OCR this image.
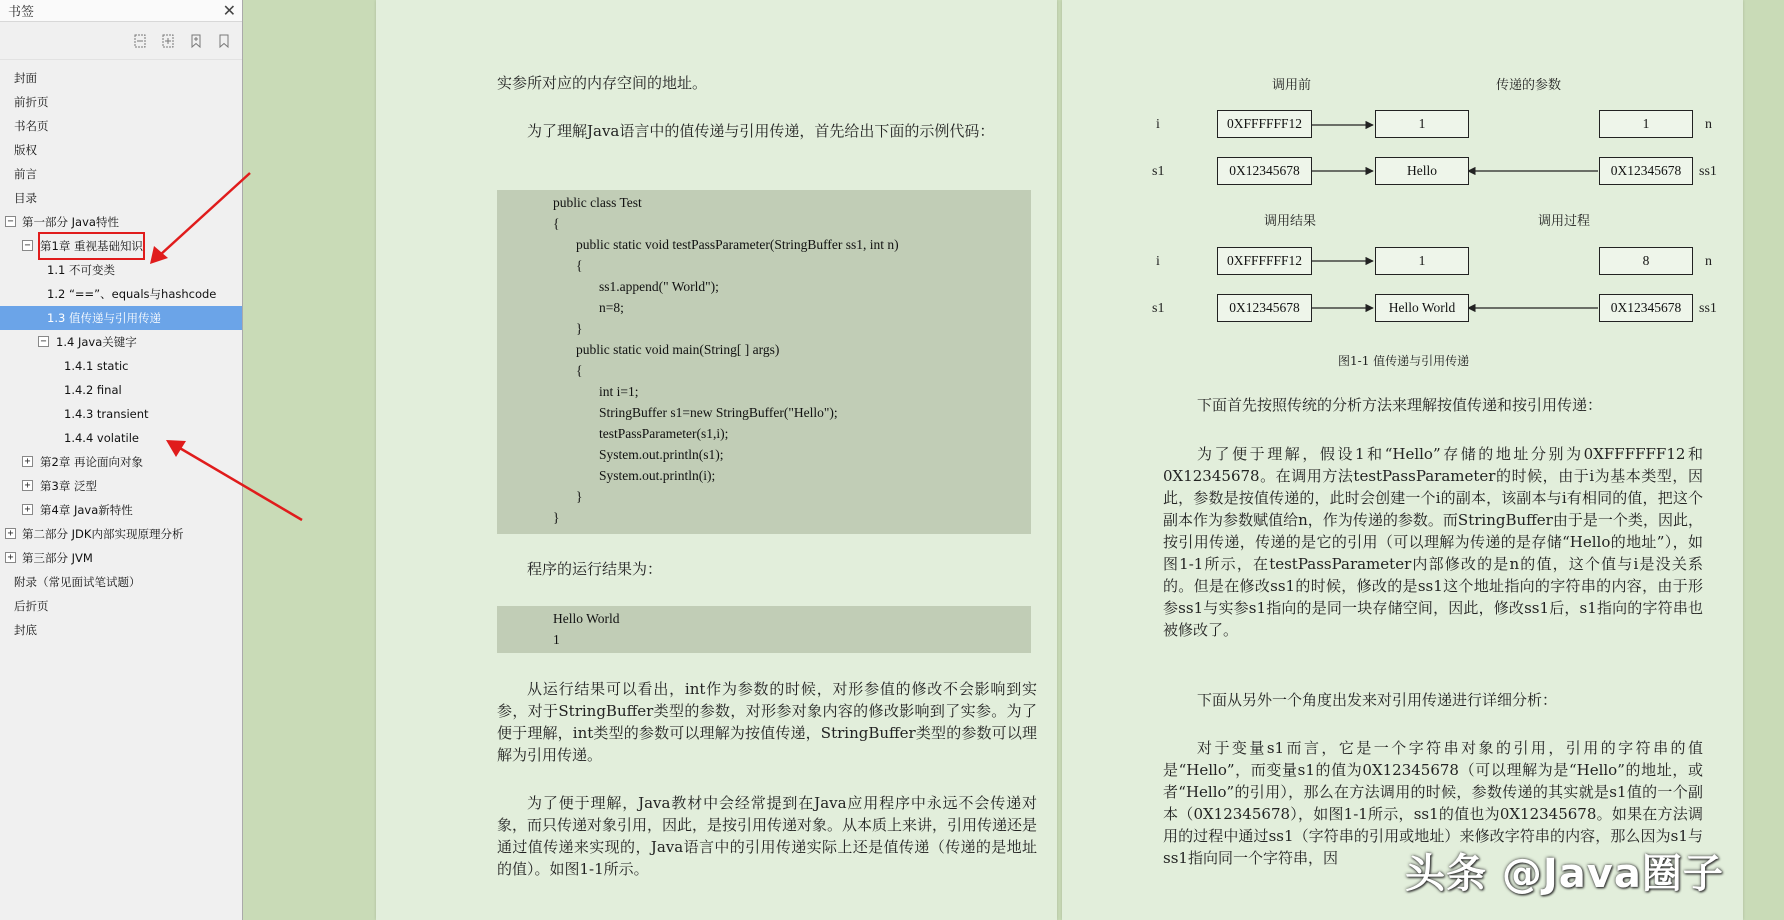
书签	✕
封面
前折页
书名页
版权
前言
目录
− 第一部分 Java特性
− 第1章 重视基础知识
1.1 不可变类
1.2 “==”、equals与hashcode
1.3 值传递与引用传递
− 1.4 Java关键字
1.4.1 static
1.4.2 final
1.4.3 transient
1.4.4 volatile
+ 第2章 再论面向对象
+ 第3章 泛型
+ 第4章 Java新特性
+ 第二部分 JDK内部实现原理分析
+ 第三部分 JVM
附录（常见面试笔试题）
后折页
封底
实参所对应的内存空间的地址。
为了理解Java语言中的值传递与引用传递，首先给出下面的示例代码：
public class Test
{
public static void testPassParameter(StringBuffer ss1, int n)
{
ss1.append(" World");
n=8;
}
public static void main(String[ ] args)
{
int i=1;
StringBuffer s1=new StringBuffer("Hello");
testPassParameter(s1,i);
System.out.println(s1);
System.out.println(i);
}
}
程序的运行结果为：
Hello World
1
从运行结果可以看出，int作为参数的时候，对形参值的修改不会影响到实参，对于StringBuffer类型的参数，对形参对象内容的修改影响到了实参。为了便于理解，int类型的参数可以理解为按值传递，StringBuffer类型的参数可以理解为引用传递。
为了便于理解，Java教材中会经常提到在Java应用程序中永远不会传递对象，而只传递对象引用，因此，是按引用传递对象。从本质上来讲，引用传递还是通过值传递来实现的，Java语言中的引用传递实际上还是值传递（传递的是地址的值）。如图1-1所示。
下面首先按照传统的分析方法来理解按值传递和按引用传递：
为了便于理解，假设1和“Hello”存储的地址分别为0XFFFFFF12和0X12345678。在调用方法testPassParameter的时候，由于i为基本类型，因此，参数是按值传递的，此时会创建一个i的副本，该副本与i有相同的值，把这个副本作为参数赋值给n，作为传递的参数。而StringBuffer由于是一个类，因此，按引用传递，传递的是它的引用（可以理解为传递的是存储“Hello的地址”），如图1-1所示，在testPassParameter内部修改的是n的值，这个值与i是没关系的。但是在修改ss1的时候，修改的是ss1这个地址指向的字符串的内容，由于形参ss1与实参s1指向的是同一块存储空间，因此，修改ss1后，s1指向的字符串也被修改了。
下面从另外一个角度出发来对引用传递进行详细分析：
对于变量s1而言，它是一个字符串对象的引用，引用的字符串的值是“Hello”，而变量s1的值为0X12345678（可以理解为是“Hello”的地址，或者“Hello”的引用），那么在方法调用的时候，参数传递的其实就是s1值的一个副本（0X12345678），如图1-1所示，ss1的值也为0X12345678。如果在方法调用的过程中通过ss1（字符串的引用或地址）来修改字符串的内容，那么因为s1与ss1指向同一个字符串，因
调用前	传递的参数
调用结果	调用过程
i	0XFFFFFF12	1	1	n
s1	0X12345678	Hello	0X12345678	ss1
i	0XFFFFFF12	1	8	n
s1	0X12345678	Hello World	0X12345678	ss1
图1-1 值传递与引用传递
头条 @Java圈子
